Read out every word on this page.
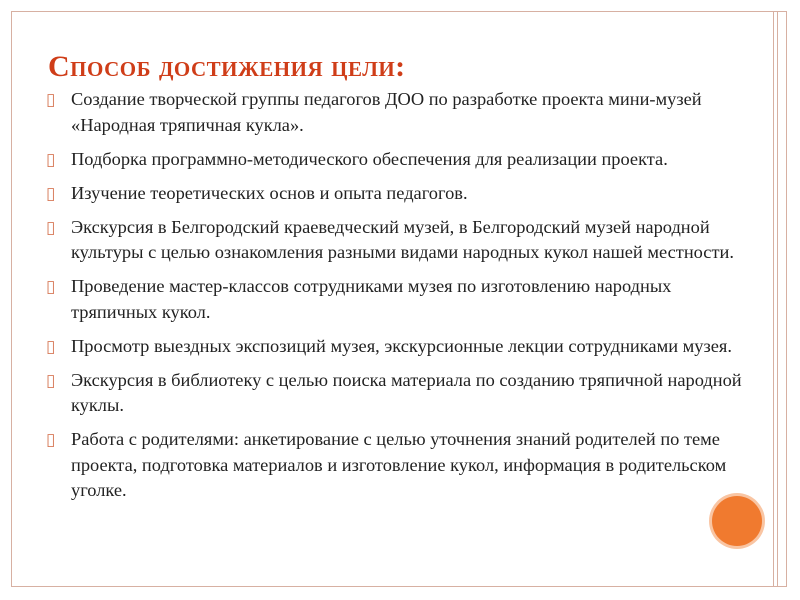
Способ достижения цели:
▯ Создание творческой группы педагогов ДОО по разработке проекта мини-музей «Народная тряпичная кукла».
▯ Подборка программно-методического обеспечения для реализации проекта.
▯ Изучение теоретических основ и опыта педагогов.
▯ Экскурсия в Белгородский краеведческий музей, в Белгородский музей народной культуры с целью ознакомления разными видами народных кукол нашей местности.
▯ Проведение мастер-классов сотрудниками музея по изготовлению народных тряпичных кукол.
▯ Просмотр выездных экспозиций музея, экскурсионные лекции сотрудниками музея.
▯ Экскурсия в библиотеку с целью поиска материала по созданию тряпичной народной куклы.
▯ Работа с родителями: анкетирование с целью уточнения знаний родителей по теме проекта, подготовка материалов и изготовление кукол, информация в родительском уголке.
